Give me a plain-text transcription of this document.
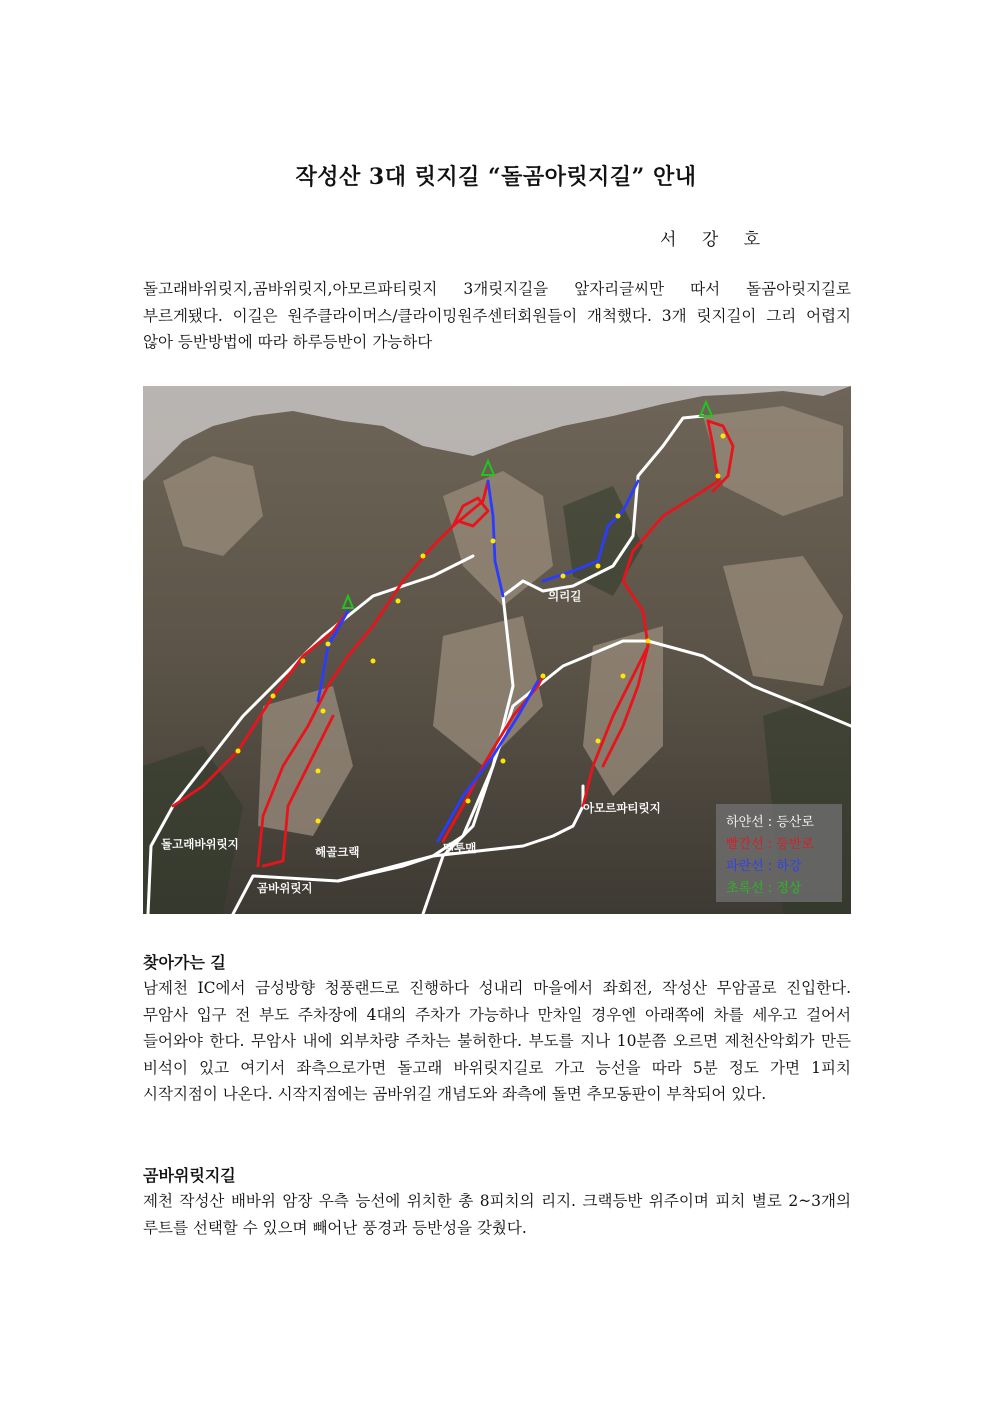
작성산 3대 릿지길 “돌곰아릿지길” 안내
서 강 호
돌고래바위릿지,곰바위릿지,아모르파티릿지 3개릿지길을 앞자리글씨만 따서 돌곰아릿지길로 부르게됐다. 이길은 원주클라이머스/클라이밍원주센터회원들이 개척했다. 3개 릿지길이 그리 어렵지 않아 등반방법에 따라 하루등반이 가능하다
돌고래바위릿지
해골크랙
곰바위릿지
맨투맨
아모르파티릿지
의리길
하얀선 : 등산로
빨간선 : 등반로
파란선 : 하강
초록선 : 정상
찾아가는 길
남제천 IC에서 금성방향 청풍랜드로 진행하다 성내리 마을에서 좌회전, 작성산 무암골로 진입한다. 무암사 입구 전 부도 주차장에 4대의 주차가 가능하나 만차일 경우엔 아래쪽에 차를 세우고 걸어서 들어와야 한다. 무암사 내에 외부차량 주차는 불허한다. 부도를 지나 10분쯤 오르면 제천산악회가 만든 비석이 있고 여기서 좌측으로가면 돌고래 바위릿지길로 가고 능선을 따라 5분 정도 가면 1피치 시작지점이 나온다. 시작지점에는 곰바위길 개념도와 좌측에 돌면 추모동판이 부착되어 있다.
곰바위릿지길
제천 작성산 배바위 암장 우측 능선에 위치한 총 8피치의 리지. 크랙등반 위주이며 피치 별로 2~3개의 루트를 선택할 수 있으며 빼어난 풍경과 등반성을 갖췄다.
